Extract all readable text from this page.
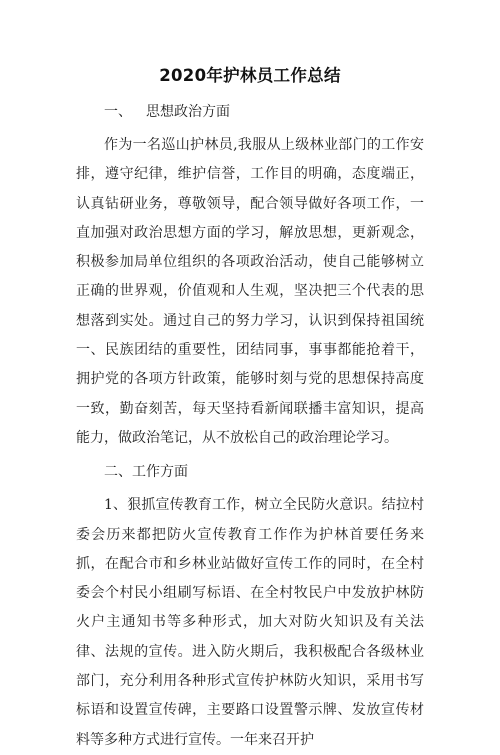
2020年护林员工作总结
一、 思想政治方面

作为一名巡山护林员,我服从上级林业部门的工作安排，遵守纪律，维护信誉，工作目的明确，态度端正，认真钻研业务，尊敬领导，配合领导做好各项工作，一直加强对政治思想方面的学习，解放思想，更新观念，积极参加局单位组织的各项政治活动，使自己能够树立正确的世界观，价值观和人生观，坚决把三个代表的思想落到实处。通过自己的努力学习，认识到保持祖国统一、民族团结的重要性，团结同事，事事都能抢着干，拥护党的各项方针政策，能够时刻与党的思想保持高度一致，勤奋刻苦，每天坚持看新闻联播丰富知识，提高能力，做政治笔记，从不放松自己的政治理论学习。

二、工作方面

1、狠抓宣传教育工作，树立全民防火意识。结拉村委会历来都把防火宣传教育工作作为护林首要任务来抓，在配合市和乡林业站做好宣传工作的同时，在全村委会个村民小组刷写标语、在全村牧民户中发放护林防火户主通知书等多种形式，加大对防火知识及有关法律、法规的宣传。进入防火期后，我积极配合各级林业部门，充分利用各种形式宣传护林防火知识，采用书写标语和设置宣传碑，主要路口设置警示牌、发放宣传材料等多种方式进行宣传。一年来召开护
